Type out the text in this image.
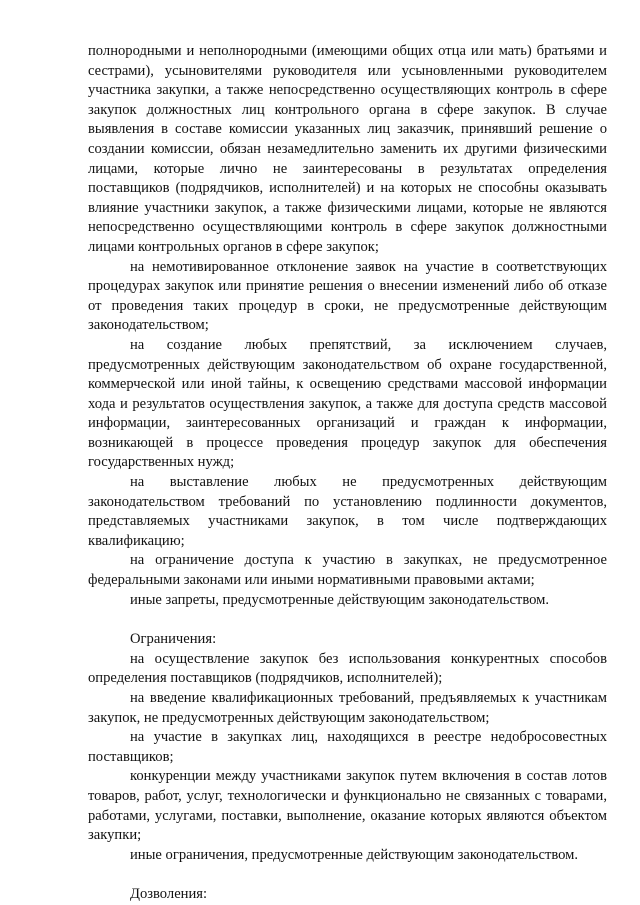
полнородными и неполнородными (имеющими общих отца или мать) братьями и сестрами), усыновителями руководителя или усыновленными руководителем участника закупки, а также непосредственно осуществляющих контроль в сфере закупок должностных лиц контрольного органа в сфере закупок. В случае выявления в составе комиссии указанных лиц заказчик, принявший решение о создании комиссии, обязан незамедлительно заменить их другими физическими лицами, которые лично не заинтересованы в результатах определения поставщиков (подрядчиков, исполнителей) и на которых не способны оказывать влияние участники закупок, а также физическими лицами, которые не являются непосредственно осуществляющими контроль в сфере закупок должностными лицами контрольных органов в сфере закупок;

на немотивированное отклонение заявок на участие в соответствующих процедурах закупок или принятие решения о внесении изменений либо об отказе от проведения таких процедур в сроки, не предусмотренные действующим законодательством;

на создание любых препятствий, за исключением случаев, предусмотренных действующим законодательством об охране государственной, коммерческой или иной тайны, к освещению средствами массовой информации хода и результатов осуществления закупок, а также для доступа средств массовой информации, заинтересованных организаций и граждан к информации, возникающей в процессе проведения процедур закупок для обеспечения государственных нужд;

на выставление любых не предусмотренных действующим законодательством требований по установлению подлинности документов, представляемых участниками закупок, в том числе подтверждающих квалификацию;

на ограничение доступа к участию в закупках, не предусмотренное федеральными законами или иными нормативными правовыми актами;

иные запреты, предусмотренные действующим законодательством.

Ограничения:

на осуществление закупок без использования конкурентных способов определения поставщиков (подрядчиков, исполнителей);

на введение квалификационных требований, предъявляемых к участникам закупок, не предусмотренных действующим законодательством;

на участие в закупках лиц, находящихся в реестре недобросовестных поставщиков;

конкуренции между участниками закупок путем включения в состав лотов товаров, работ, услуг, технологически и функционально не связанных с товарами, работами, услугами, поставки, выполнение, оказание которых являются объектом закупки;

иные ограничения, предусмотренные действующим законодательством.

Дозволения:
